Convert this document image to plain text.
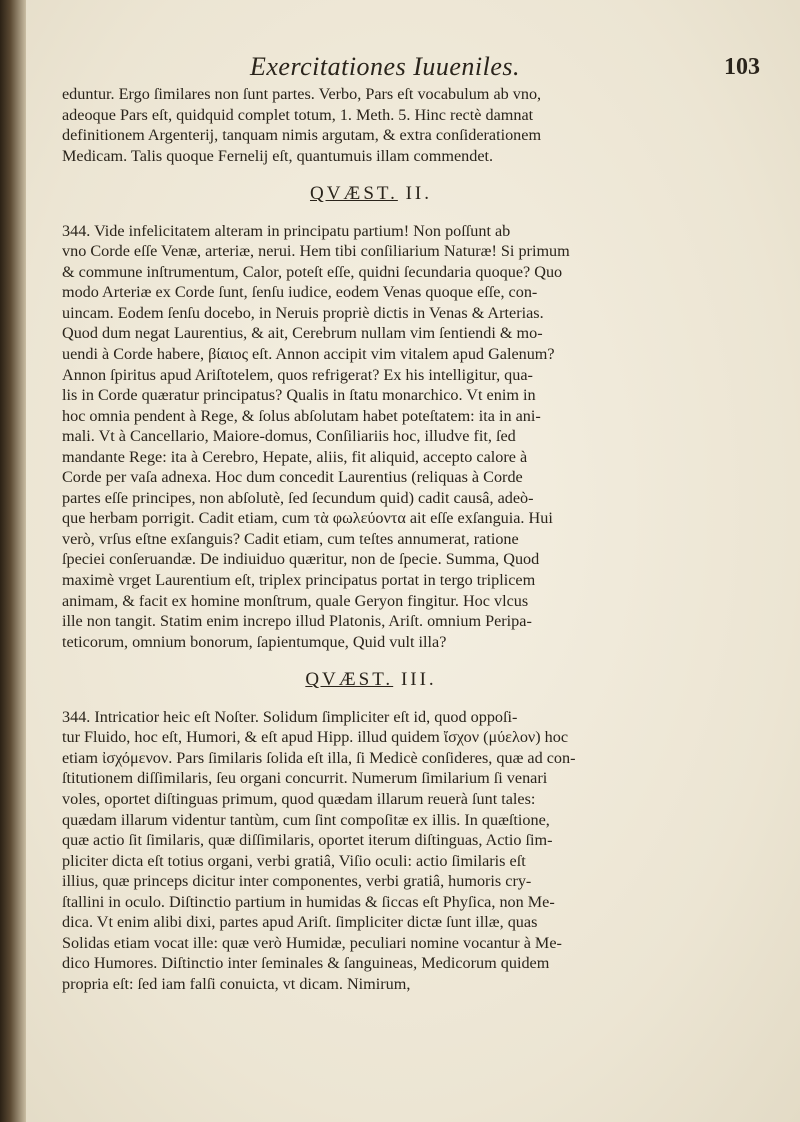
Exercitationes Iuueniles.	103
eduntur. Ergo ſimilares non ſunt partes. Verbo, Pars eſt vocabulum ab vno,
adeoque Pars eſt, quidquid complet totum, 1. Meth. 5. Hinc rectè damnat
definitionem Argenterij, tanquam nimis argutam, & extra conſiderationem
Medicam. Talis quoque Fernelij eſt, quantumuis illam commendet.
QVÆST. II.
344. Vide infelicitatem alteram in principatu partium! Non poſſunt ab
vno Corde eſſe Venæ, arteriæ, nerui. Hem tibi conſiliarium Naturæ! Si primum
& commune inſtrumentum, Calor, poteſt eſſe, quidni ſecundaria quoque? Quo
modo Arteriæ ex Corde ſunt, ſenſu iudice, eodem Venas quoque eſſe, con-
uincam. Eodem ſenſu docebo, in Neruis propriè dictis in Venas & Arterias.
Quod dum negat Laurentius, & ait, Cerebrum nullam vim ſentiendi & mo-
uendi à Corde habere, βίαιος eſt. Annon accipit vim vitalem apud Galenum?
Annon ſpiritus apud Ariſtotelem, quos refrigerat? Ex his intelligitur, qua-
lis in Corde quæratur principatus? Qualis in ſtatu monarchico. Vt enim in
hoc omnia pendent à Rege, & ſolus abſolutam habet poteſtatem: ita in ani-
mali. Vt à Cancellario, Maiore-domus, Conſiliariis hoc, illudve fit, ſed
mandante Rege: ita à Cerebro, Hepate, aliis, fit aliquid, accepto calore à
Corde per vaſa adnexa. Hoc dum concedit Laurentius (reliquas à Corde
partes eſſe principes, non abſolutè, ſed ſecundum quid) cadit causâ, adeò-
que herbam porrigit. Cadit etiam, cum τὰ φωλεύοντα ait eſſe exſanguia. Hui
verò, vrſus eſtne exſanguis? Cadit etiam, cum teſtes annumerat, ratione
ſpeciei conſeruandæ. De indiuiduo quæritur, non de ſpecie. Summa, Quod
maximè vrget Laurentium eſt, triplex principatus portat in tergo triplicem
animam, & facit ex homine monſtrum, quale Geryon fingitur. Hoc vlcus
ille non tangit. Statim enim increpo illud Platonis, Ariſt. omnium Peripa-
teticorum, omnium bonorum, ſapientumque, Quid vult illa?
QVÆST. III.
344. Intricatior heic eſt Noſter. Solidum ſimpliciter eſt id, quod oppoſi-
tur Fluido, hoc eſt, Humori, & eſt apud Hipp. illud quidem ἴσχον (μύελον) hoc
etiam ἰσχόμενον. Pars ſimilaris ſolida eſt illa, ſi Medicè conſideres, quæ ad con-
ſtitutionem diſſimilaris, ſeu organi concurrit. Numerum ſimilarium ſi venari
voles, oportet diſtinguas primum, quod quædam illarum reuerà ſunt tales:
quædam illarum videntur tantùm, cum ſint compoſitæ ex illis. In quæſtione,
quæ actio ſit ſimilaris, quæ diſſimilaris, oportet iterum diſtinguas, Actio ſim-
pliciter dicta eſt totius organi, verbi gratiâ, Viſio oculi: actio ſimilaris eſt
illius, quæ princeps dicitur inter componentes, verbi gratiâ, humoris cry-
ſtallini in oculo. Diſtinctio partium in humidas & ſiccas eſt Phyſica, non Me-
dica. Vt enim alibi dixi, partes apud Ariſt. ſimpliciter dictæ ſunt illæ, quas
Solidas etiam vocat ille: quæ verò Humidæ, peculiari nomine vocantur à Me-
dico Humores. Diſtinctio inter ſeminales & ſanguineas, Medicorum quidem
propria eſt: ſed iam falſi conuicta, vt dicam. Nimirum,
